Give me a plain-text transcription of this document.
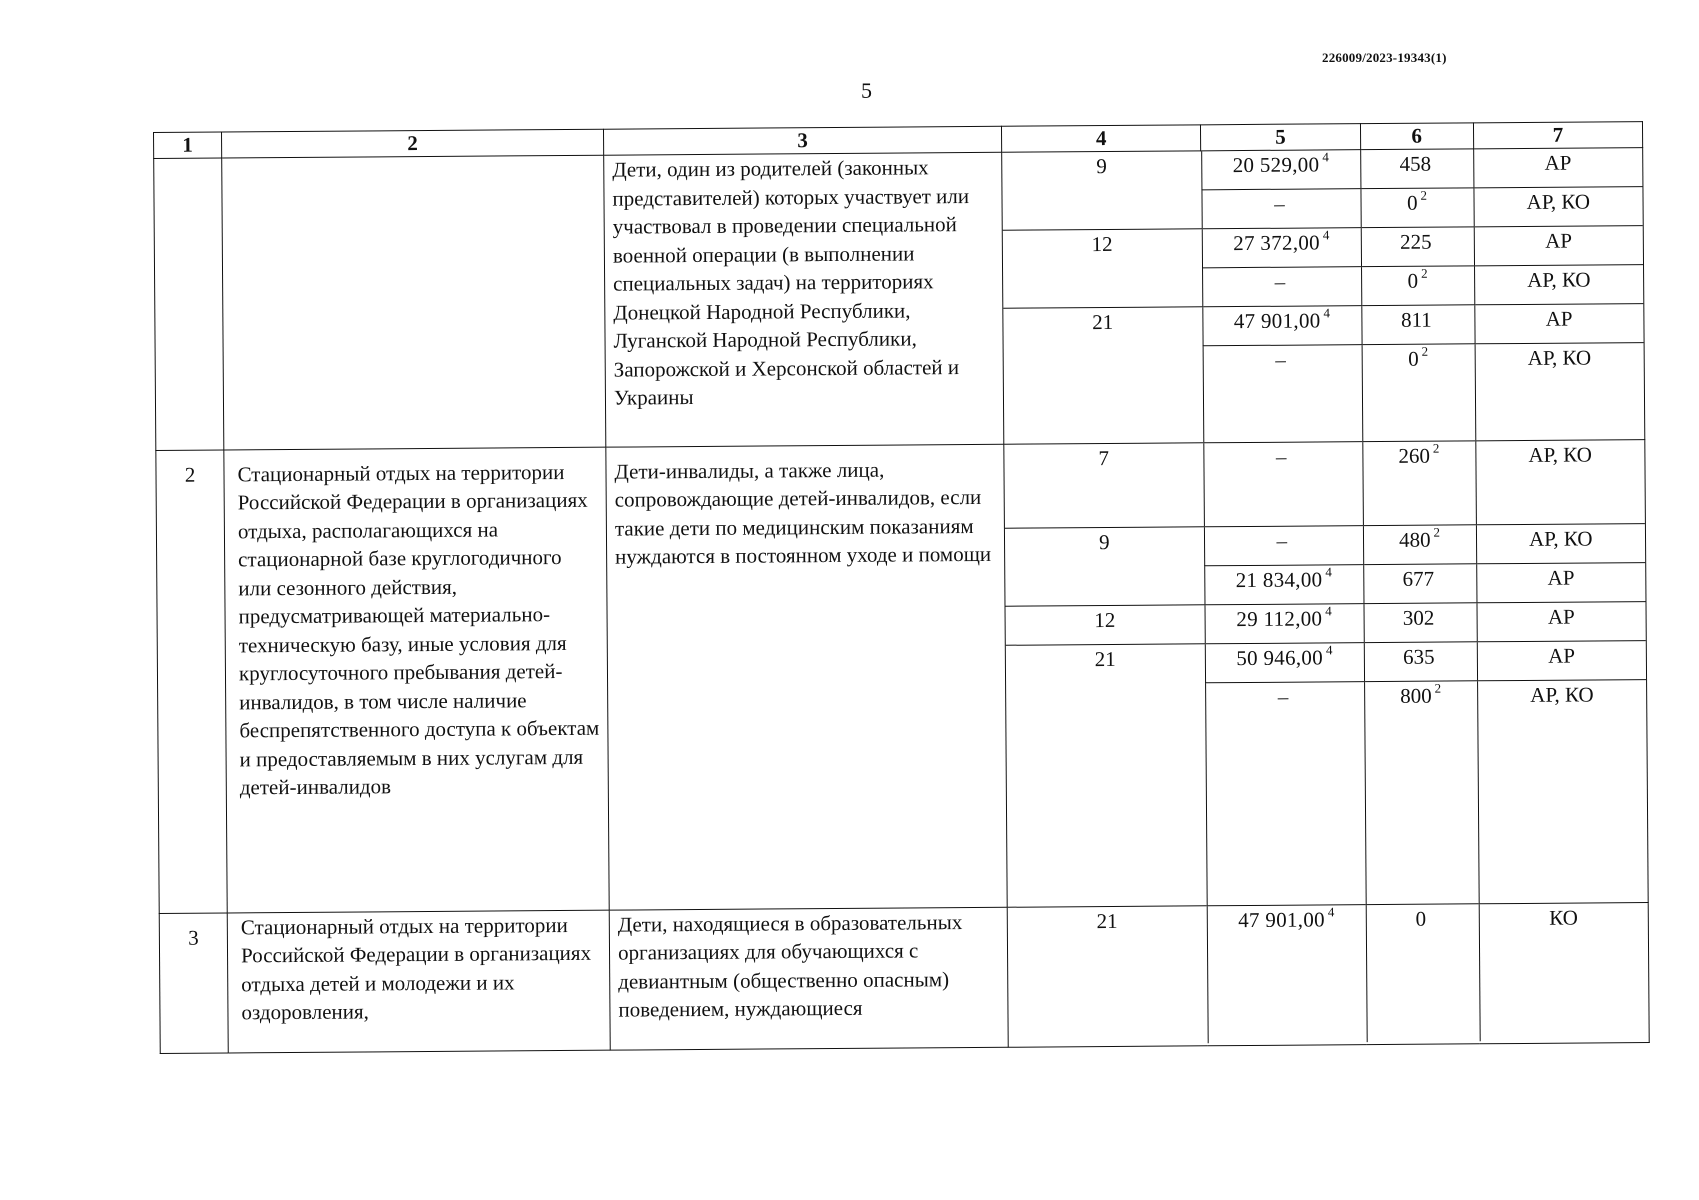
226009/2023-19343(1)
5
1	2	3	4	5	6	7
		Дети, один из родителей (законных представителей) которых участвует или участвовал в проведении специальной военной операции (в выполнении специальных задач) на территориях Донецкой Народной Республики, Луганской Народной Республики, Запорожской и Херсонской областей и Украины	
9	20 529,00 $^4$	458	АР
	–	0 $^2$	АР, КО
12	27 372,00 $^4$	225	АР
	–	0 $^2$	АР, КО
21	47 901,00 $^4$	811	АР
	–	0 $^2$	АР, КО

2	Стационарный отдых на территории Российской Федерации в организациях отдыха, располагающихся на стационарной базе круглогодичного или сезонного действия, предусматривающей материально-техническую базу, иные условия для круглосуточного пребывания детей-инвалидов, в том числе наличие беспрепятственного доступа к объектам и предоставляемым в них услугам для детей-инвалидов	Дети-инвалиды, а также лица, сопровождающие детей-инвалидов, если такие дети по медицинским показаниям нуждаются в постоянном уходе и помощи	
7	–	260 $^2$	АР, КО
9	–	480 $^2$	АР, КО
	21 834,00 $^4$	677	АР
12	29 112,00 $^4$	302	АР
21	50 946,00 $^4$	635	АР
	–	800 $^2$	АР, КО

3	Стационарный отдых на территории Российской Федерации в организациях отдыха детей и молодежи и их оздоровления,	Дети, находящиеся в образовательных организациях для обучающихся с девиантным (общественно опасным) поведением, нуждающиеся	
21	47 901,00 $^4$	0	КО
